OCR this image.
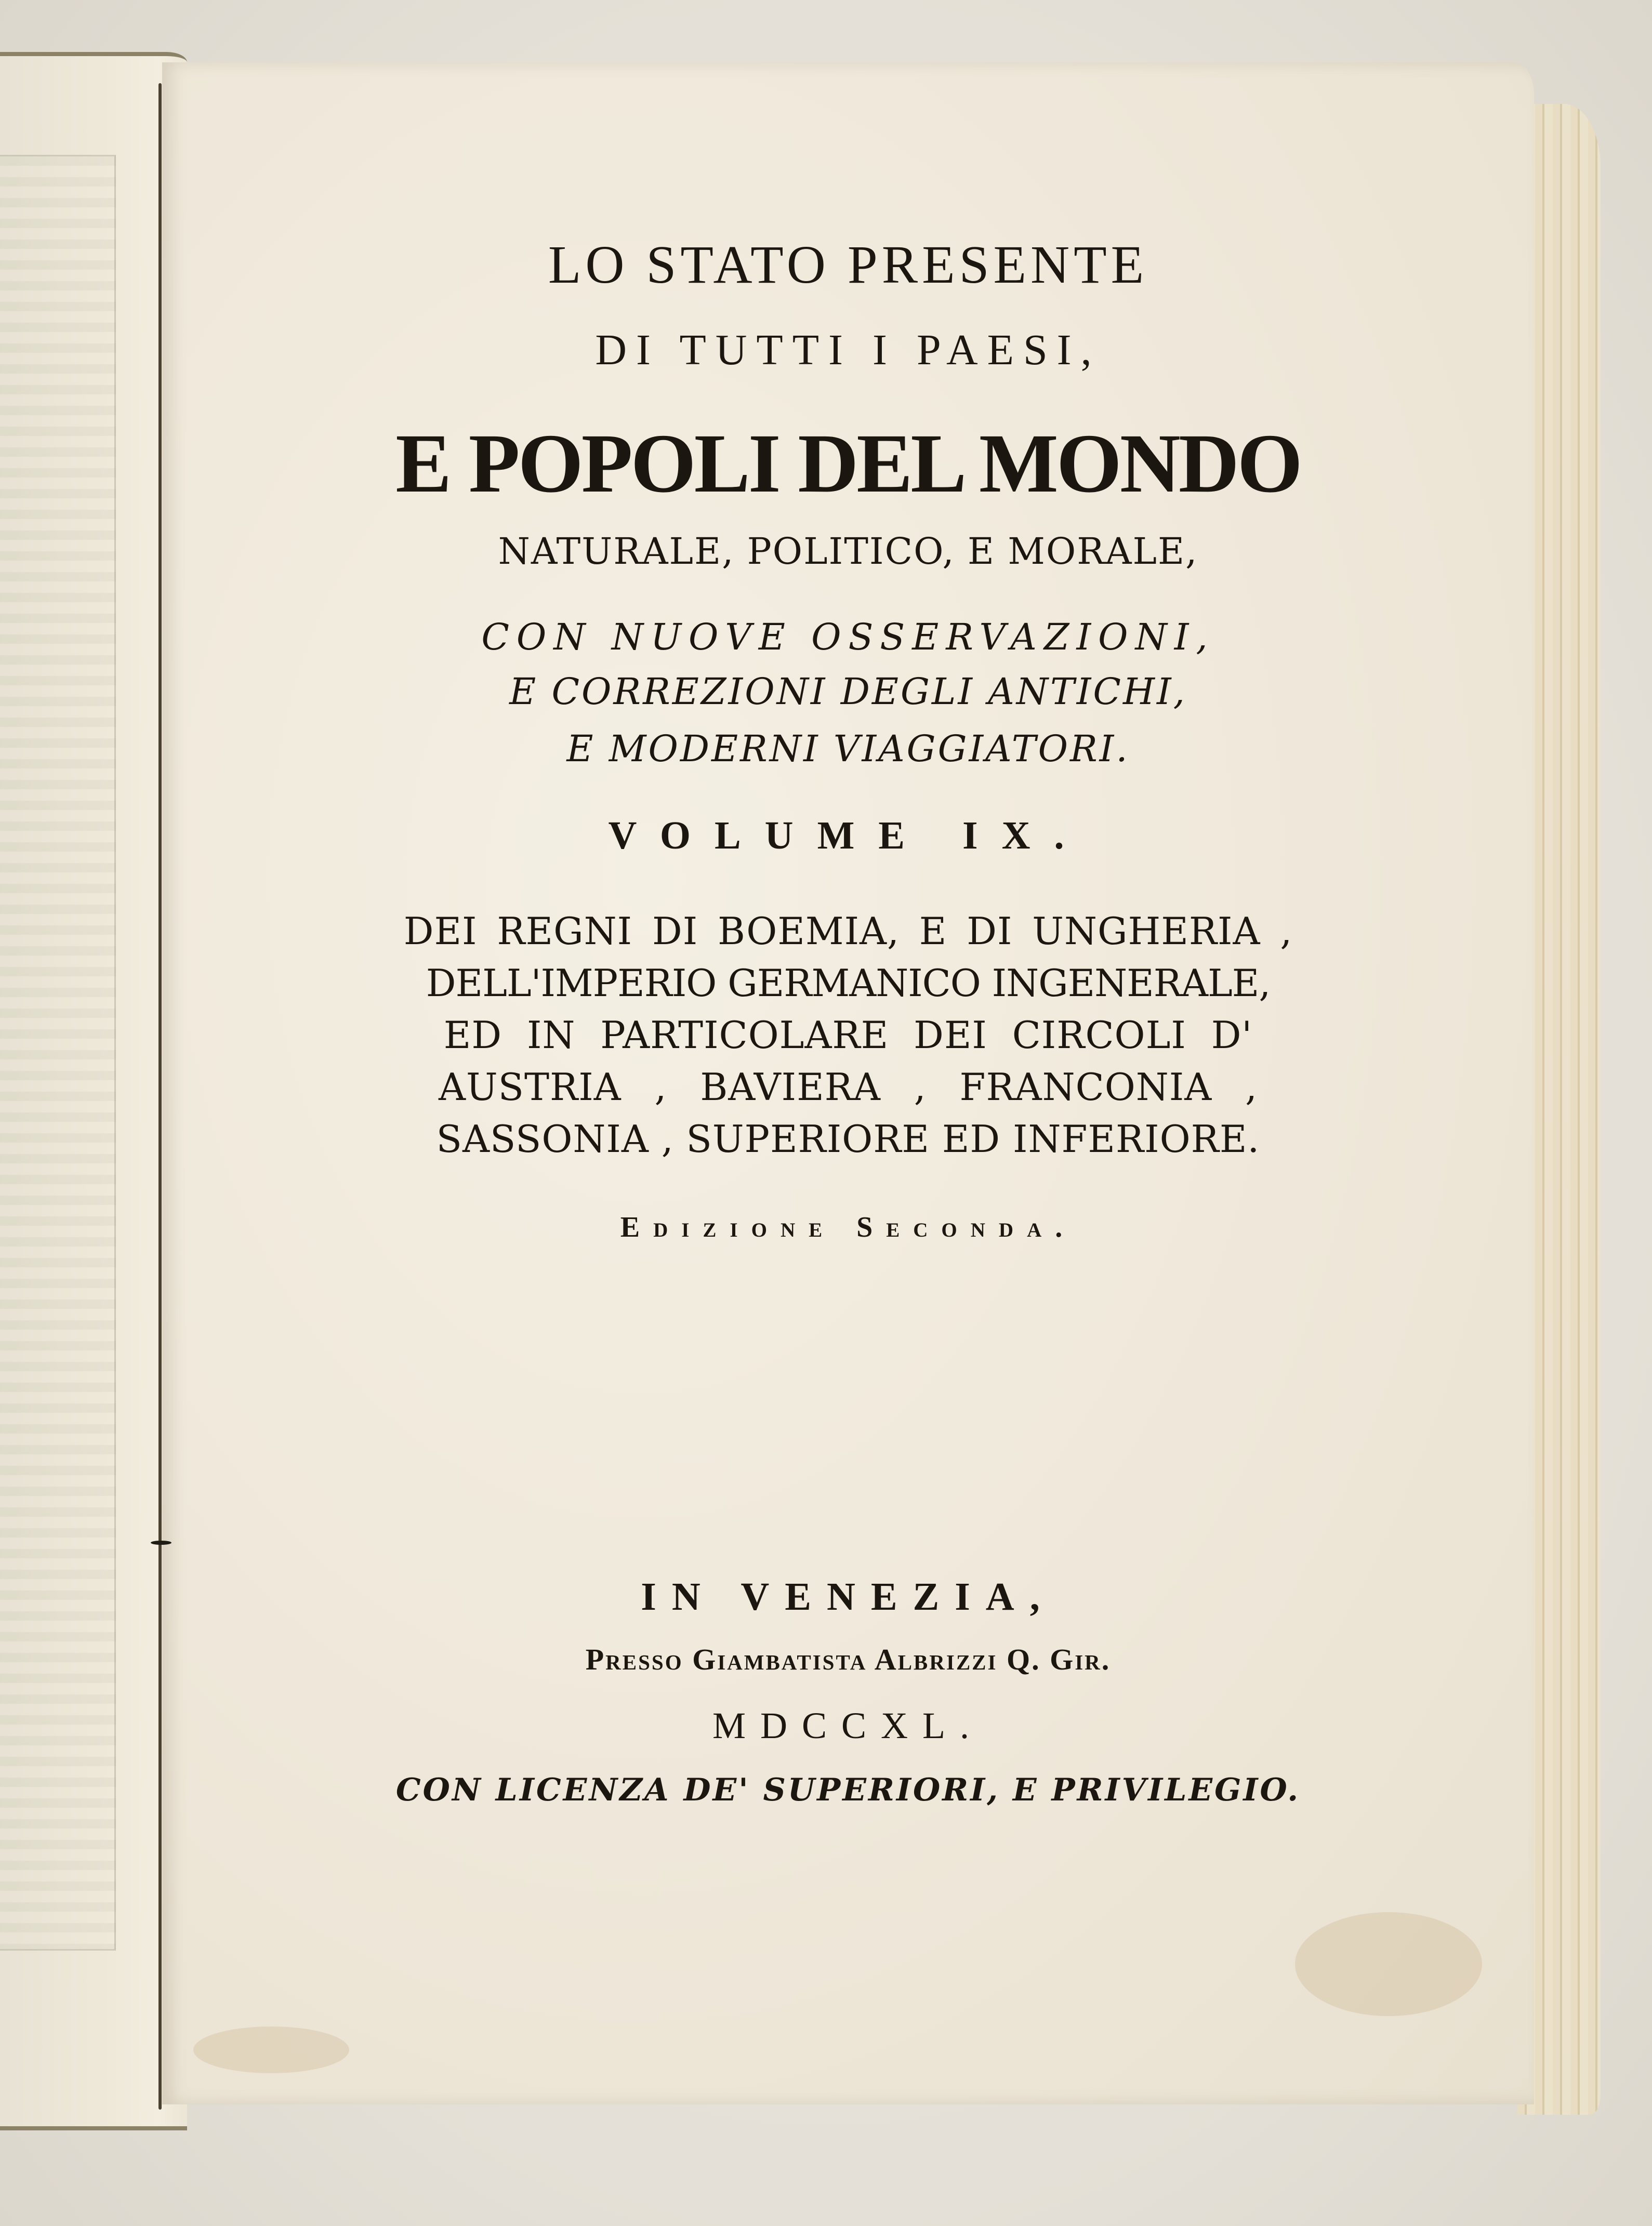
LO STATO PRESENTE
DI TUTTI I PAESI,
E POPOLI DEL MONDO
NATURALE, POLITICO, E MORALE,
CON NUOVE OSSERVAZIONI,
E CORREZIONI DEGLI ANTICHI,
E MODERNI VIAGGIATORI.
VOLUME IX.
DEI REGNI DI BOEMIA, E DI UNGHERIA ,
DELL'IMPERIO GERMANICO INGENERALE,
ED IN PARTICOLARE DEI CIRCOLI D'
AUSTRIA , BAVIERA , FRANCONIA ,
SASSONIA , SUPERIORE ED INFERIORE.
Edizione Seconda.
IN VENEZIA,
Presso Giambatista Albrizzi Q. Gir.
MDCCXL.
CON LICENZA DE' SUPERIORI, E PRIVILEGIO.
